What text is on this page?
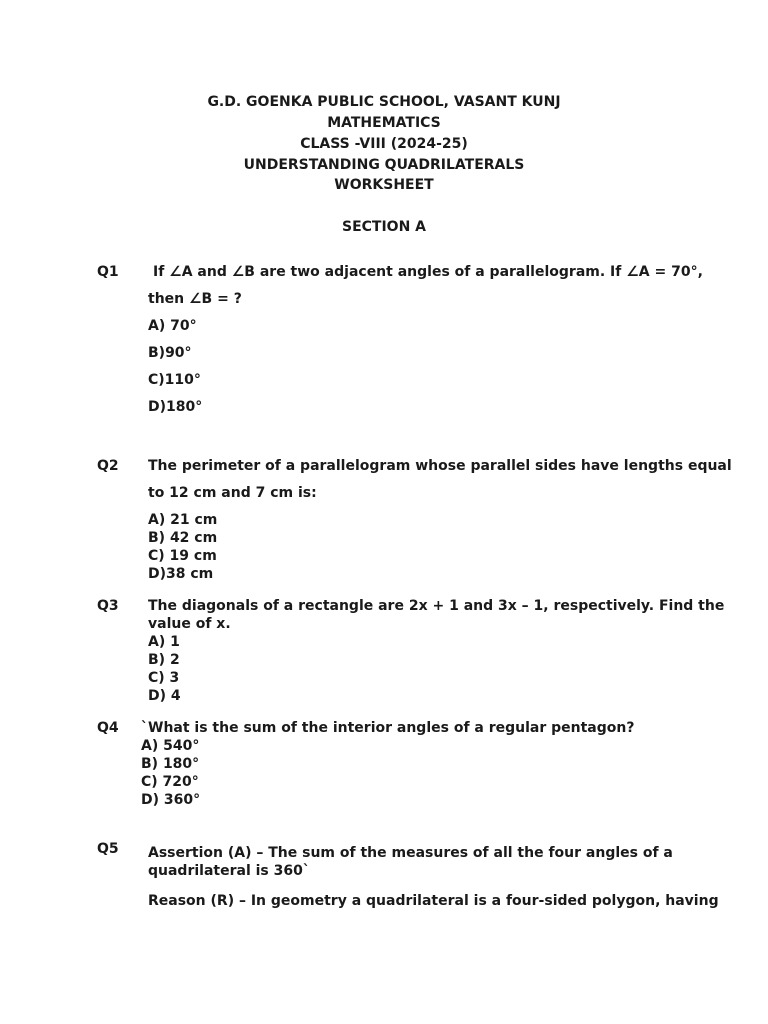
G.D. GOENKA PUBLIC SCHOOL, VASANT KUNJ
MATHEMATICS
CLASS -VIII (2024-25)
UNDERSTANDING QUADRILATERALS
WORKSHEET
SECTION A
Q1 If ∠A and ∠B are two adjacent angles of a parallelogram. If ∠A = 70°,
then ∠B = ?
A) 70°
B)90°
C)110°
D)180°
Q2 The perimeter of a parallelogram whose parallel sides have lengths equal
to 12 cm and 7 cm is:
A) 21 cm
B) 42 cm
C) 19 cm
D)38 cm
Q3 The diagonals of a rectangle are 2x + 1 and 3x – 1, respectively. Find the
value of x.
A) 1
B) 2
C) 3
D) 4
Q4 `What is the sum of the interior angles of a regular pentagon?
A) 540°
B) 180°
C) 720°
D) 360°
Q5 Assertion (A) – The sum of the measures of all the four angles of a
quadrilateral is 360`
Reason (R) – In geometry a quadrilateral is a four-sided polygon, having
